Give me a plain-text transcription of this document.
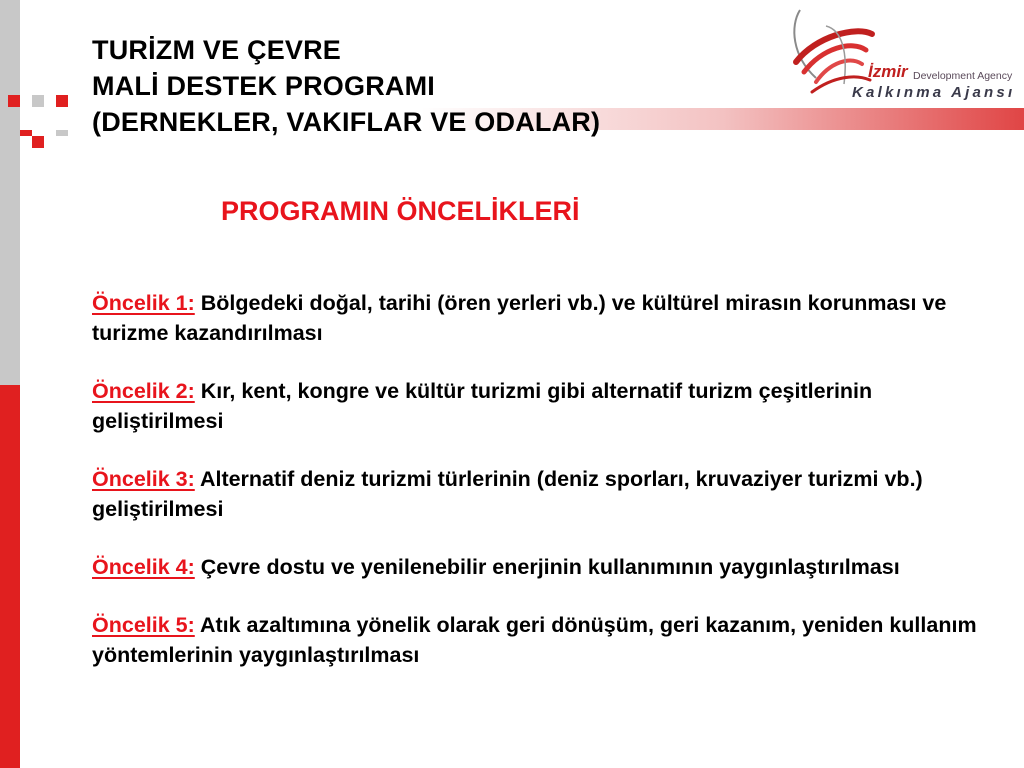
TURİZM VE ÇEVRE
MALİ DESTEK PROGRAMI
(DERNEKLER, VAKIFLAR VE ODALAR)
İzmir Development Agency
Kalkınma Ajansı
PROGRAMIN ÖNCELİKLERİ

Öncelik 1: Bölgedeki doğal, tarihi (ören yerleri vb.) ve kültürel mirasın korunması ve turizme kazandırılması

Öncelik 2: Kır, kent, kongre ve kültür turizmi gibi alternatif turizm çeşitlerinin geliştirilmesi

Öncelik 3: Alternatif deniz turizmi türlerinin (deniz sporları, kruvaziyer turizmi vb.) geliştirilmesi

Öncelik 4: Çevre dostu ve yenilenebilir enerjinin kullanımının yaygınlaştırılması

Öncelik 5: Atık azaltımına yönelik olarak geri dönüşüm, geri kazanım, yeniden kullanım yöntemlerinin yaygınlaştırılması
